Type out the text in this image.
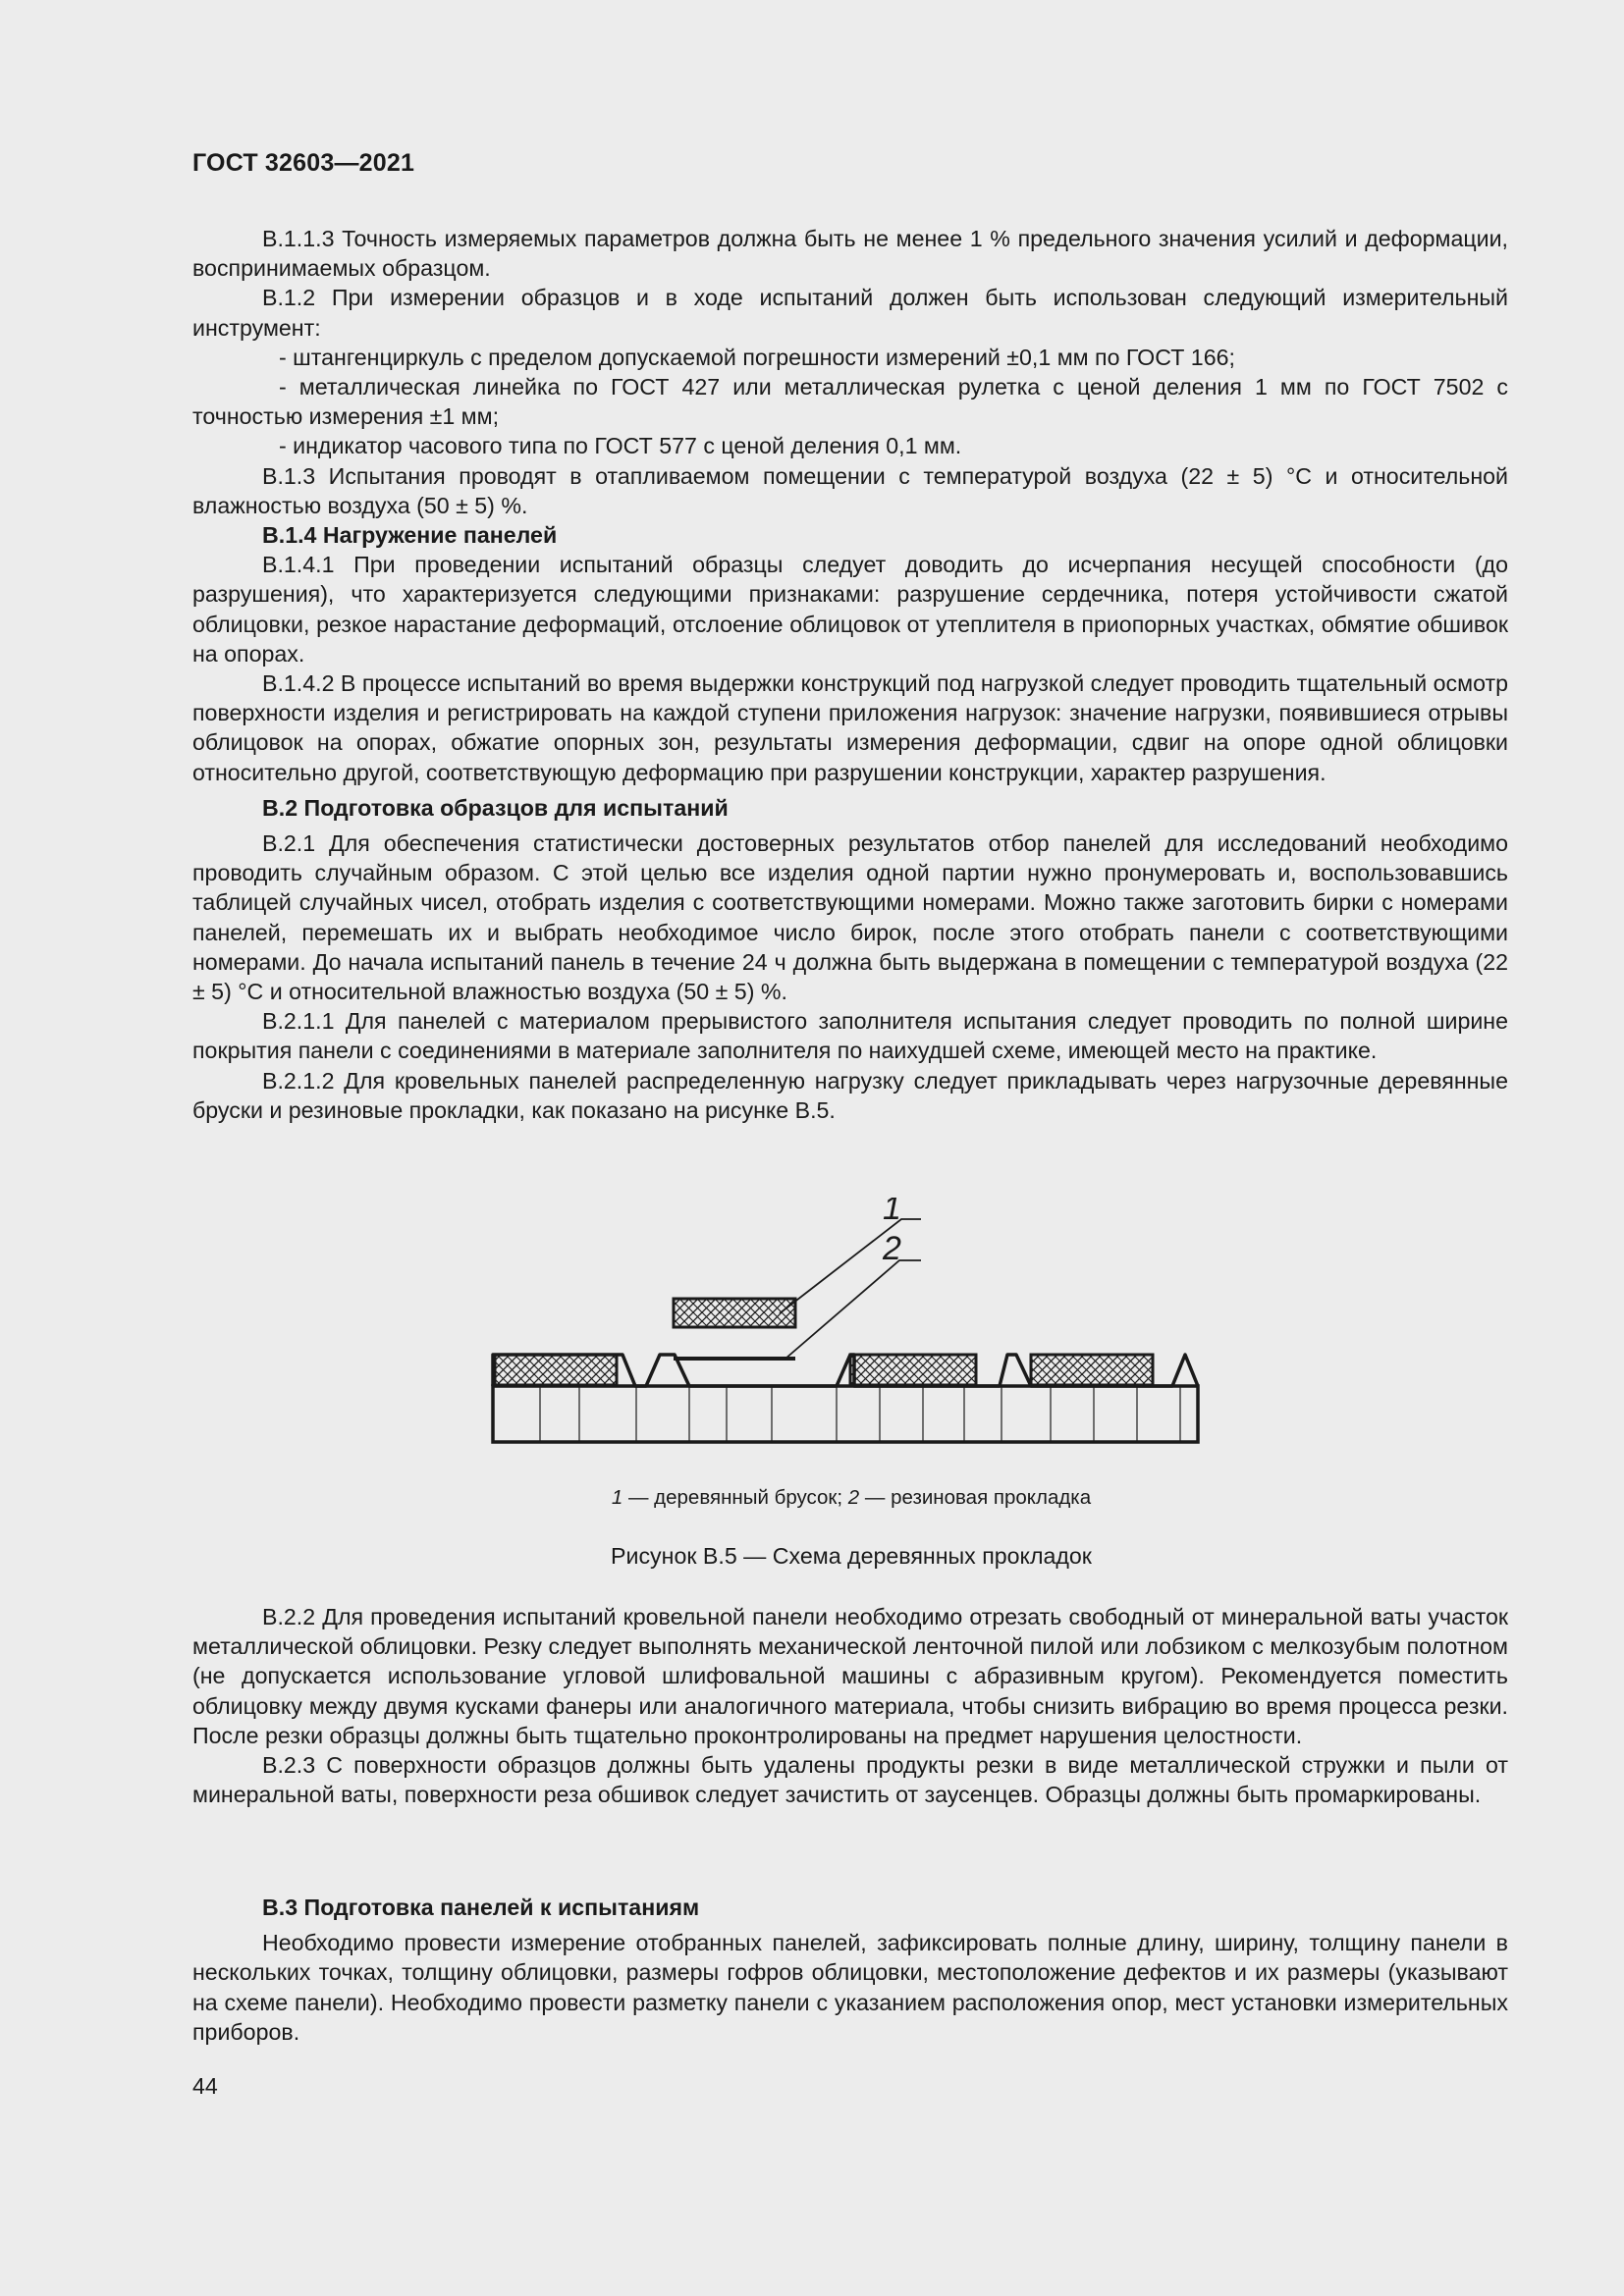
ГОСТ 32603—2021

В.1.1.3 Точность измеряемых параметров должна быть не менее 1 % предельного значения усилий и деформации, воспринимаемых образцом.

В.1.2 При измерении образцов и в ходе испытаний должен быть использован следующий измерительный инструмент:

- штангенциркуль с пределом допускаемой погрешности измерений ±0,1 мм по ГОСТ 166;

- металлическая линейка по ГОСТ 427 или металлическая рулетка с ценой деления 1 мм по ГОСТ 7502 с точностью измерения ±1 мм;

- индикатор часового типа по ГОСТ 577 с ценой деления 0,1 мм.

В.1.3 Испытания проводят в отапливаемом помещении с температурой воздуха (22 ± 5) °С и относительной влажностью воздуха (50 ± 5) %.

В.1.4 Нагружение панелей

В.1.4.1 При проведении испытаний образцы следует доводить до исчерпания несущей способности (до разрушения), что характеризуется следующими признаками: разрушение сердечника, потеря устойчивости сжатой облицовки, резкое нарастание деформаций, отслоение облицовок от утеплителя в приопорных участках, обмятие обшивок на опорах.

В.1.4.2 В процессе испытаний во время выдержки конструкций под нагрузкой следует проводить тщательный осмотр поверхности изделия и регистрировать на каждой ступени приложения нагрузок: значение нагрузки, появившиеся отрывы облицовок на опорах, обжатие опорных зон, результаты измерения деформации, сдвиг на опоре одной облицовки относительно другой, соответствующую деформацию при разрушении конструкции, характер разрушения.

В.2 Подготовка образцов для испытаний

В.2.1 Для обеспечения статистически достоверных результатов отбор панелей для исследований необходимо проводить случайным образом. С этой целью все изделия одной партии нужно пронумеровать и, воспользовавшись таблицей случайных чисел, отобрать изделия с соответствующими номерами. Можно также заготовить бирки с номерами панелей, перемешать их и выбрать необходимое число бирок, после этого отобрать панели с соответствующими номерами. До начала испытаний панель в течение 24 ч должна быть выдержана в помещении с температурой воздуха (22 ± 5) °С и относительной влажностью воздуха (50 ± 5) %.

В.2.1.1 Для панелей с материалом прерывистого заполнителя испытания следует проводить по полной ширине покрытия панели с соединениями в материале заполнителя по наихудшей схеме, имеющей место на практике.

В.2.1.2 Для кровельных панелей распределенную нагрузку следует прикладывать через нагрузочные деревянные бруски и резиновые прокладки, как показано на рисунке В.5.

1
2
1 — деревянный брусок; 2 — резиновая прокладка
Рисунок В.5 — Схема деревянных прокладок

В.2.2 Для проведения испытаний кровельной панели необходимо отрезать свободный от минеральной ваты участок металлической облицовки. Резку следует выполнять механической ленточной пилой или лобзиком с мелкозубым полотном (не допускается использование угловой шлифовальной машины с абразивным кругом). Рекомендуется поместить облицовку между двумя кусками фанеры или аналогичного материала, чтобы снизить вибрацию во время процесса резки. После резки образцы должны быть тщательно проконтролированы на предмет нарушения целостности.

В.2.3 С поверхности образцов должны быть удалены продукты резки в виде металлической стружки и пыли от минеральной ваты, поверхности реза обшивок следует зачистить от заусенцев. Образцы должны быть промаркированы.

В.3 Подготовка панелей к испытаниям

Необходимо провести измерение отобранных панелей, зафиксировать полные длину, ширину, толщину панели в нескольких точках, толщину облицовки, размеры гофров облицовки, местоположение дефектов и их размеры (указывают на схеме панели). Необходимо провести разметку панели с указанием расположения опор, мест установки измерительных приборов.

44
